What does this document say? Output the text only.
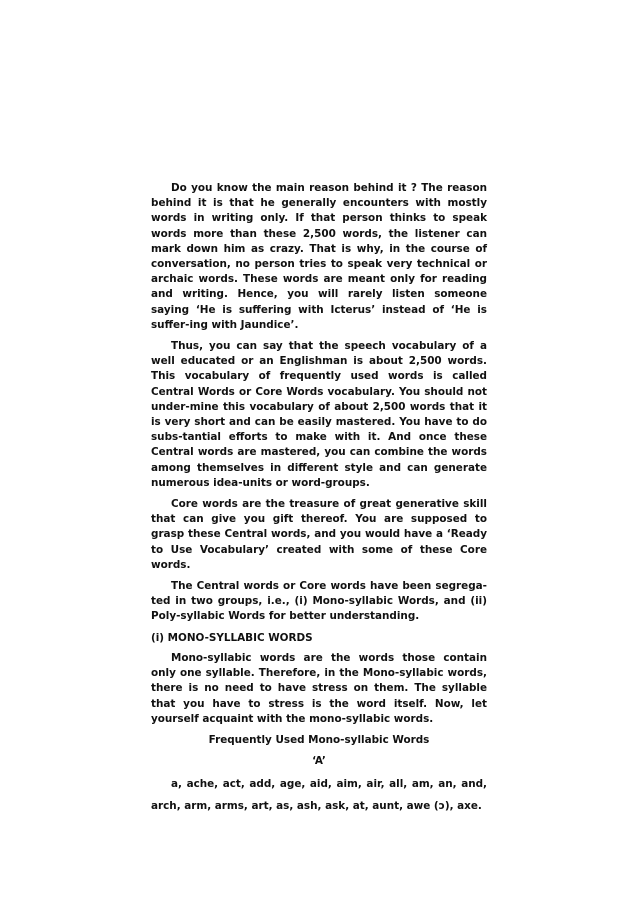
Do you know the main reason behind it ? The reason behind it is that he generally encounters with mostly words in writing only. If that person thinks to speak words more than these 2,500 words, the listener can mark down him as crazy. That is why, in the course of conversation, no person tries to speak very technical or archaic words. These words are meant only for reading and writing. Hence, you will rarely listen someone saying ‘He is suffering with Icterus’ instead of ‘He is suffer-ing with Jaundice’.

Thus, you can say that the speech vocabulary of a well educated or an Englishman is about 2,500 words. This vocabulary of frequently used words is called Central Words or Core Words vocabulary. You should not under-mine this vocabulary of about 2,500 words that it is very short and can be easily mastered. You have to do subs-tantial efforts to make with it. And once these Central words are mastered, you can combine the words among themselves in different style and can generate numerous idea-units or word-groups.

Core words are the treasure of great generative skill that can give you gift thereof. You are supposed to grasp these Central words, and you would have a ‘Ready to Use Vocabulary’ created with some of these Core words.

The Central words or Core words have been segrega-ted in two groups, i.e., (i) Mono-syllabic Words, and (ii) Poly-syllabic Words for better understanding.

(i) MONO-SYLLABIC WORDS

Mono-syllabic words are the words those contain only one syllable. Therefore, in the Mono-syllabic words, there is no need to have stress on them. The syllable that you have to stress is the word itself. Now, let yourself acquaint with the mono-syllabic words.

Frequently Used Mono-syllabic Words

‘A’

a, ache, act, add, age, aid, aim, air, all, am, an, and, arch, arm, arms, art, as, ash, ask, at, aunt, awe (ɔ), axe.
